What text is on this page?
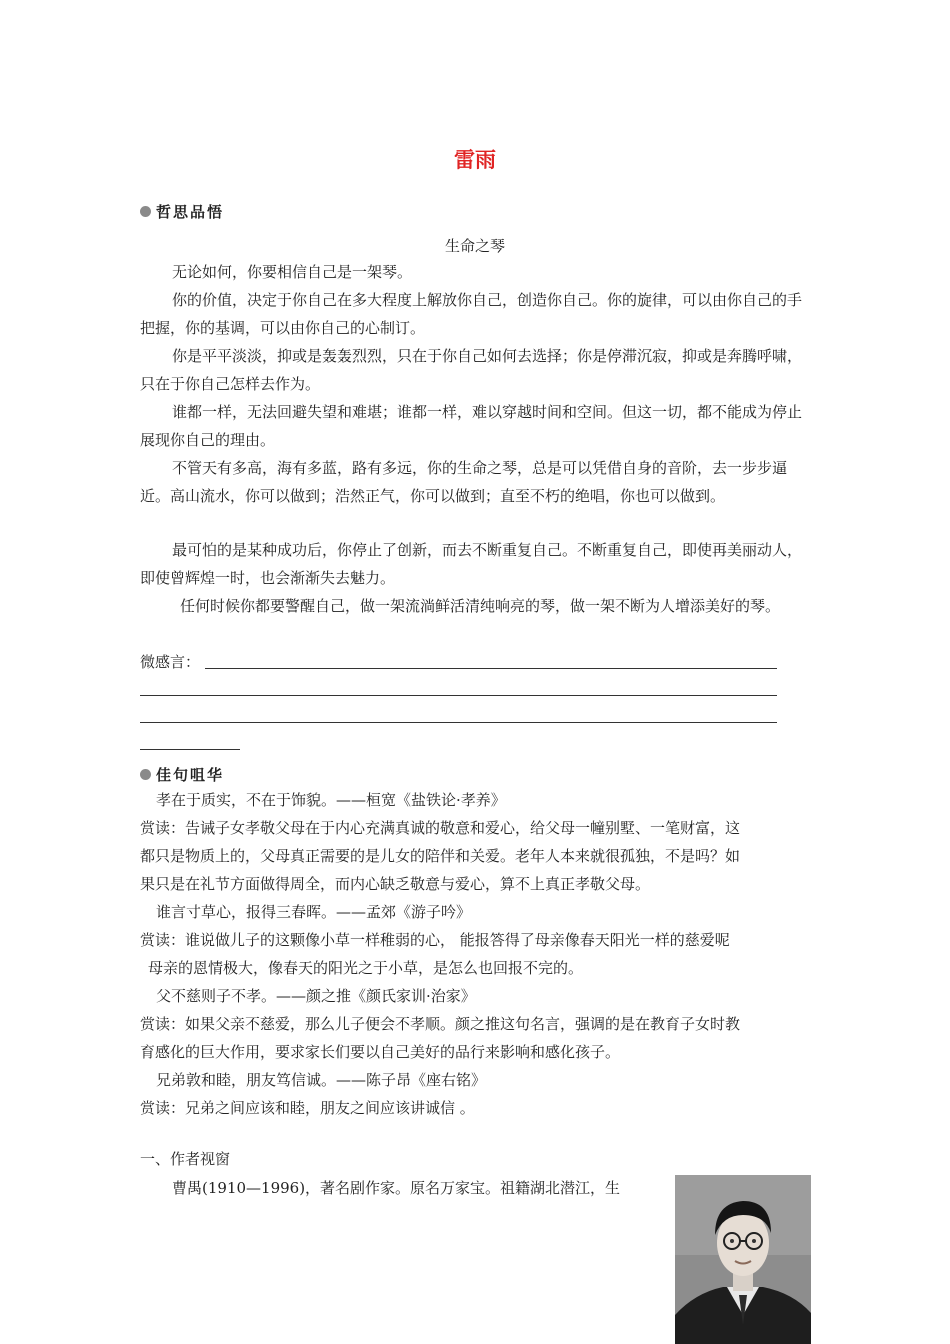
雷雨
哲思品悟
生命之琴
无论如何，你要相信自己是一架琴。
你的价值，决定于你自己在多大程度上解放你自己，创造你自己。你的旋律，可以由你自己的手把握，你的基调，可以由你自己的心制订。
你是平平淡淡，抑或是轰轰烈烈，只在于你自己如何去选择；你是停滞沉寂，抑或是奔腾呼啸，只在于你自己怎样去作为。
谁都一样，无法回避失望和难堪；谁都一样，难以穿越时间和空间。但这一切，都不能成为停止展现你自己的理由。
不管天有多高，海有多蓝，路有多远，你的生命之琴，总是可以凭借自身的音阶，去一步步逼近。高山流水，你可以做到；浩然正气，你可以做到；直至不朽的绝唱，你也可以做到。
最可怕的是某种成功后，你停止了创新，而去不断重复自己。不断重复自己，即使再美丽动人，即使曾辉煌一时，也会渐渐失去魅力。
任何时候你都要警醒自己，做一架流淌鲜活清纯响亮的琴，做一架不断为人增添美好的琴。
微感言：
佳句咀华
孝在于质实，不在于饰貌。——桓宽《盐铁论·孝养》
赏读：告诫子女孝敬父母在于内心充满真诚的敬意和爱心，给父母一幢别墅、一笔财富，这
都只是物质上的，父母真正需要的是儿女的陪伴和关爱。老年人本来就很孤独，不是吗？如
果只是在礼节方面做得周全，而内心缺乏敬意与爱心，算不上真正孝敬父母。
谁言寸草心，报得三春晖。——孟郊《游子吟》
赏读：谁说做儿子的这颗像小草一样稚弱的心， 能报答得了母亲像春天阳光一样的慈爱呢
母亲的恩情极大，像春天的阳光之于小草，是怎么也回报不完的。
父不慈则子不孝。——颜之推《颜氏家训·治家》
赏读：如果父亲不慈爱，那么儿子便会不孝顺。颜之推这句名言，强调的是在教育子女时教
育感化的巨大作用，要求家长们要以自己美好的品行来影响和感化孩子。
兄弟敦和睦，朋友笃信诚。——陈子昂《座右铭》
赏读：兄弟之间应该和睦，朋友之间应该讲诚信 。
一、作者视窗
曹禺(1910—1996)，著名剧作家。原名万家宝。祖籍湖北潜江，生
